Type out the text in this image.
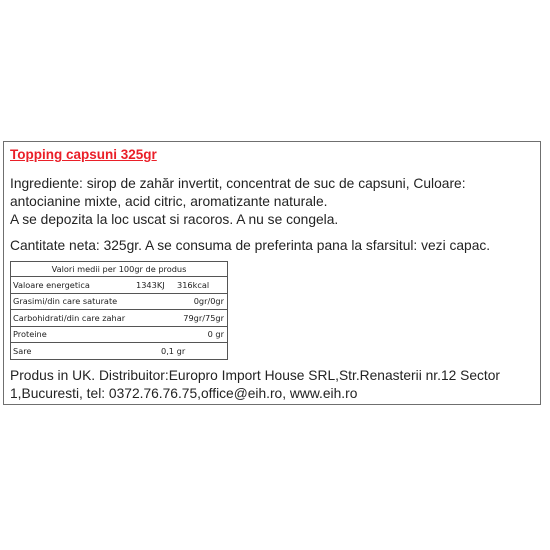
Topping capsuni 325gr

Ingrediente: sirop de zahăr invertit, concentrat de suc de capsuni, Culoare: antocianine mixte, acid citric, aromatizante naturale.

A se depozita la loc uscat si racoros. A nu se congela.

Cantitate neta: 325gr. A se consuma de preferinta pana la sfarsitul: vezi capac.

Valori medii per 100gr de produs

Valoare energetica	1343KJ 316kcal

Grasimi/din care saturate	0gr/0gr

Carbohidrati/din care zahar	79gr/75gr

Proteine	0 gr

Sare	0,1 gr

Produs in UK. Distribuitor:Europro Import House SRL,Str.Renasterii nr.12 Sector 1,Bucuresti, tel: 0372.76.76.75,office@eih.ro, www.eih.ro
